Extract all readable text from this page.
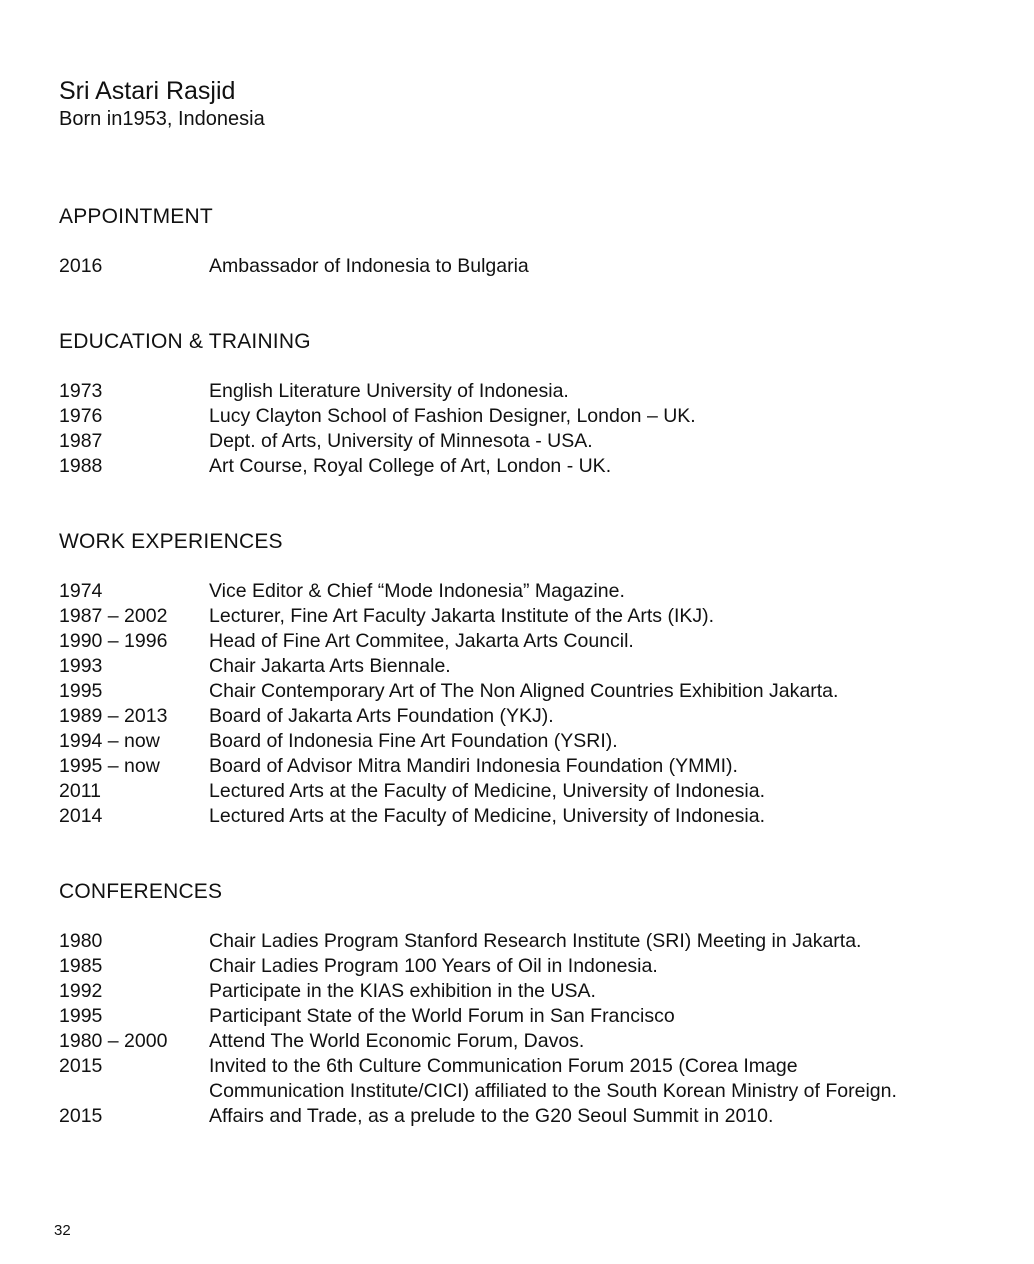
Sri Astari Rasjid

Born in1953, Indonesia

APPOINTMENT
2016	Ambassador of Indonesia to Bulgaria
EDUCATION & TRAINING
1973	English Literature University of Indonesia.
1976	Lucy Clayton School of Fashion Designer, London – UK.
1987	Dept. of Arts, University of Minnesota - USA.
1988	Art Course, Royal College of Art, London - UK.
WORK EXPERIENCES
1974	Vice Editor & Chief “Mode Indonesia” Magazine.
1987 – 2002	Lecturer, Fine Art Faculty Jakarta Institute of the Arts (IKJ).
1990 – 1996	Head of Fine Art Commitee, Jakarta Arts Council.
1993	Chair Jakarta Arts Biennale.
1995	Chair Contemporary Art of The Non Aligned Countries Exhibition Jakarta.
1989 – 2013	Board of Jakarta Arts Foundation (YKJ).
1994 – now	Board of Indonesia Fine Art Foundation (YSRI).
1995 – now	Board of Advisor Mitra Mandiri Indonesia Foundation (YMMI).
2011	Lectured Arts at the Faculty of Medicine, University of Indonesia.
2014	Lectured Arts at the Faculty of Medicine, University of Indonesia.
CONFERENCES
1980	Chair Ladies Program Stanford Research Institute (SRI) Meeting in Jakarta.
1985	Chair Ladies Program 100 Years of Oil in Indonesia.
1992	Participate in the KIAS exhibition in the USA.
1995	Participant State of the World Forum in San Francisco
1980 – 2000	Attend The World Economic Forum, Davos.
2015	Invited to the 6th Culture Communication Forum 2015 (Corea Image
Communication Institute/CICI) affiliated to the South Korean Ministry of Foreign.
2015	Affairs and Trade, as a prelude to the G20 Seoul Summit in 2010.

32
